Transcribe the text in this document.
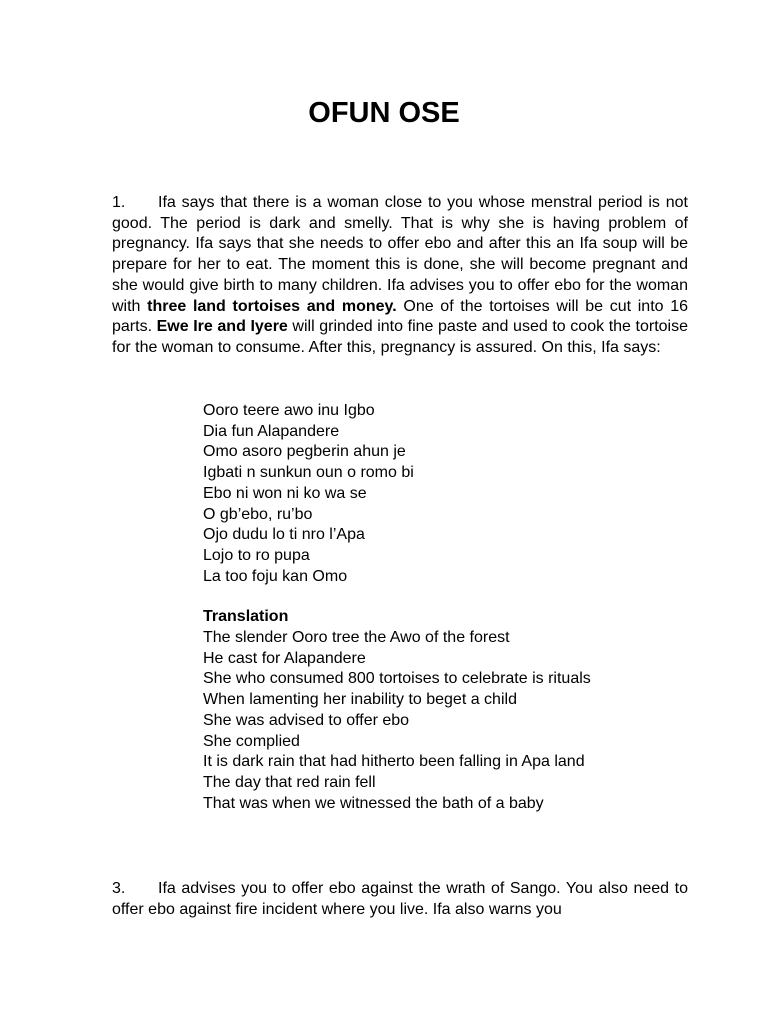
OFUN OSE

1. Ifa says that there is a woman close to you whose menstral period is not good. The period is dark and smelly. That is why she is having problem of pregnancy. Ifa says that she needs to offer ebo and after this an Ifa soup will be prepare for her to eat. The moment this is done, she will become pregnant and she would give birth to many children. Ifa advises you to offer ebo for the woman with three land tortoises and money. One of the tortoises will be cut into 16 parts. Ewe Ire and Iyere will grinded into fine paste and used to cook the tortoise for the woman to consume. After this, pregnancy is assured. On this, Ifa says:

Ooro teere awo inu Igbo
Dia fun Alapandere
Omo asoro pegberin ahun je
Igbati n sunkun oun o romo bi
Ebo ni won ni ko wa se
O gb’ebo, ru’bo
Ojo dudu lo ti nro l’Apa
Lojo to ro pupa
La too foju kan Omo

Translation

The slender Ooro tree the Awo of the forest
He cast for Alapandere
She who consumed 800 tortoises to celebrate is rituals
When lamenting her inability to beget a child
She was advised to offer ebo
She complied
It is dark rain that had hitherto been falling in Apa land
The day that red rain fell
That was when we witnessed the bath of a baby

3. Ifa advises you to offer ebo against the wrath of Sango. You also need to offer ebo against fire incident where you live. Ifa also warns you
